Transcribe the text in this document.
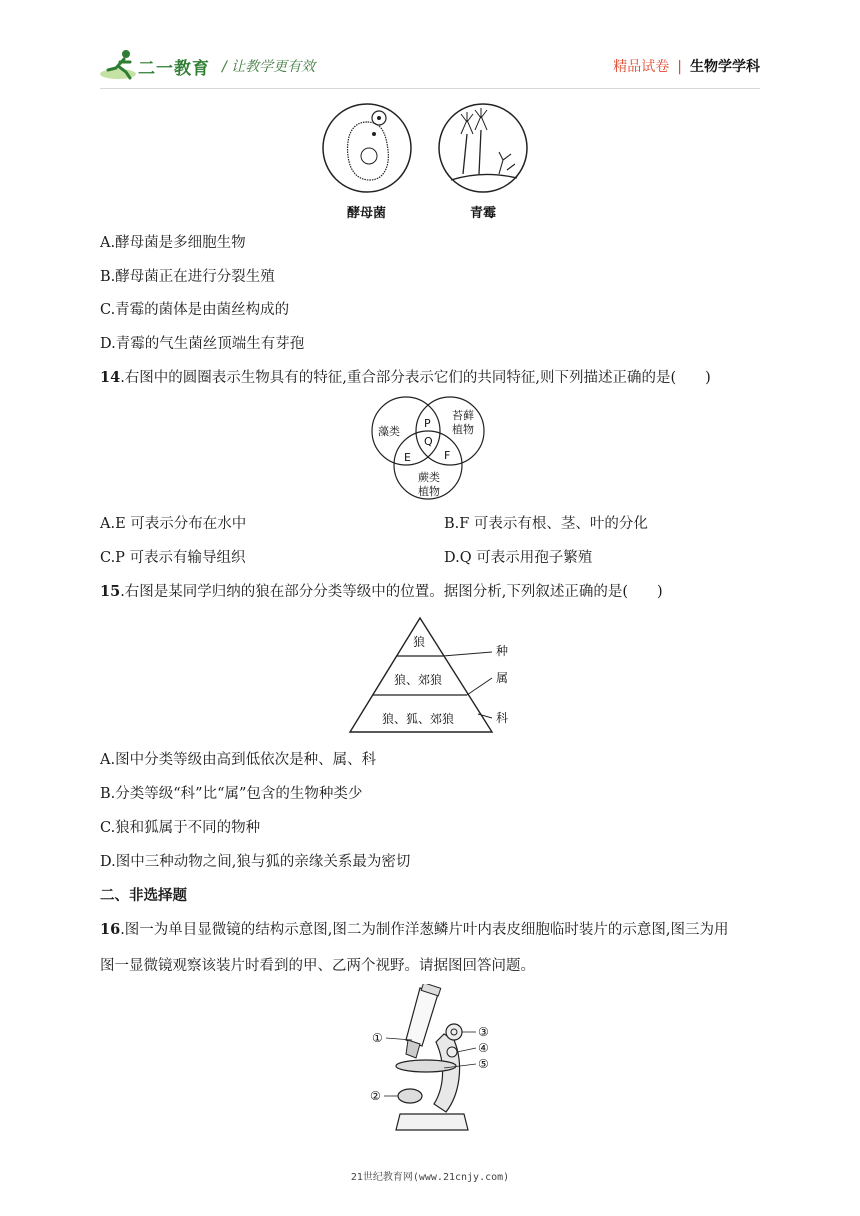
二一教育 / 让教学更有效	精品试卷 | 生物学学科
酵母菌	青霉
A.酵母菌是多细胞生物
B.酵母菌正在进行分裂生殖
C.青霉的菌体是由菌丝构成的
D.青霉的气生菌丝顶端生有芽孢
14.右图中的圆圈表示生物具有的特征,重合部分表示它们的共同特征,则下列描述正确的是(　　)
藻类
苔藓
植物
蕨类
植物
P
Q
E	F
A.E 可表示分布在水中	B.F 可表示有根、茎、叶的分化
C.P 可表示有输导组织	D.Q 可表示用孢子繁殖
15.右图是某同学归纳的狼在部分分类等级中的位置。据图分析,下列叙述正确的是(　　)
狼
狼、郊狼
狼、狐、郊狼
种
属
科
A.图中分类等级由高到低依次是种、属、科
B.分类等级“科”比“属”包含的生物种类少
C.狼和狐属于不同的物种
D.图中三种动物之间,狼与狐的亲缘关系最为密切
二、非选择题
16.图一为单目显微镜的结构示意图,图二为制作洋葱鳞片叶内表皮细胞临时装片的示意图,图三为用
图一显微镜观察该装片时看到的甲、乙两个视野。请据图回答问题。
①
②
③
④
⑤
21世纪教育网(www.21cnjy.com)
